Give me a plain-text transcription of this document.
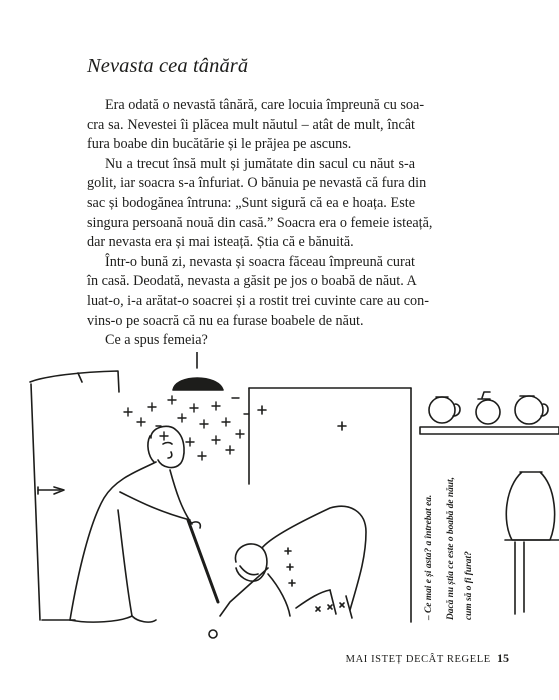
Nevasta cea tânără
Era odată o nevastă tânără, care locuia împreună cu soa-
cra sa. Nevestei îi plăcea mult năutul – atât de mult, încât
fura boabe din bucătărie și le prăjea pe ascuns.
Nu a trecut însă mult și jumătate din sacul cu năut s-a
golit, iar soacra s-a înfuriat. O bănuia pe nevastă că fura din
sac și bodogănea întruna: „Sunt sigură că ea e hoața. Este
singura persoană nouă din casă.” Soacra era o femeie isteață,
dar nevasta era și mai isteață. Știa că e bănuită.
Într-o bună zi, nevasta și soacra făceau împreună curat
în casă. Deodată, nevasta a găsit pe jos o boabă de năut. A
luat-o, i-a arătat-o soacrei și a rostit trei cuvinte care au con-
vins-o pe soacră că nu ea furase boabele de năut.
Ce a spus femeia?
– Ce mai e și asta? a întrebat ea.	Dacă nu știa ce este o boabă de năut, cum să o fi furat?
MAI ISTEȚ DECÂT REGELE 15
